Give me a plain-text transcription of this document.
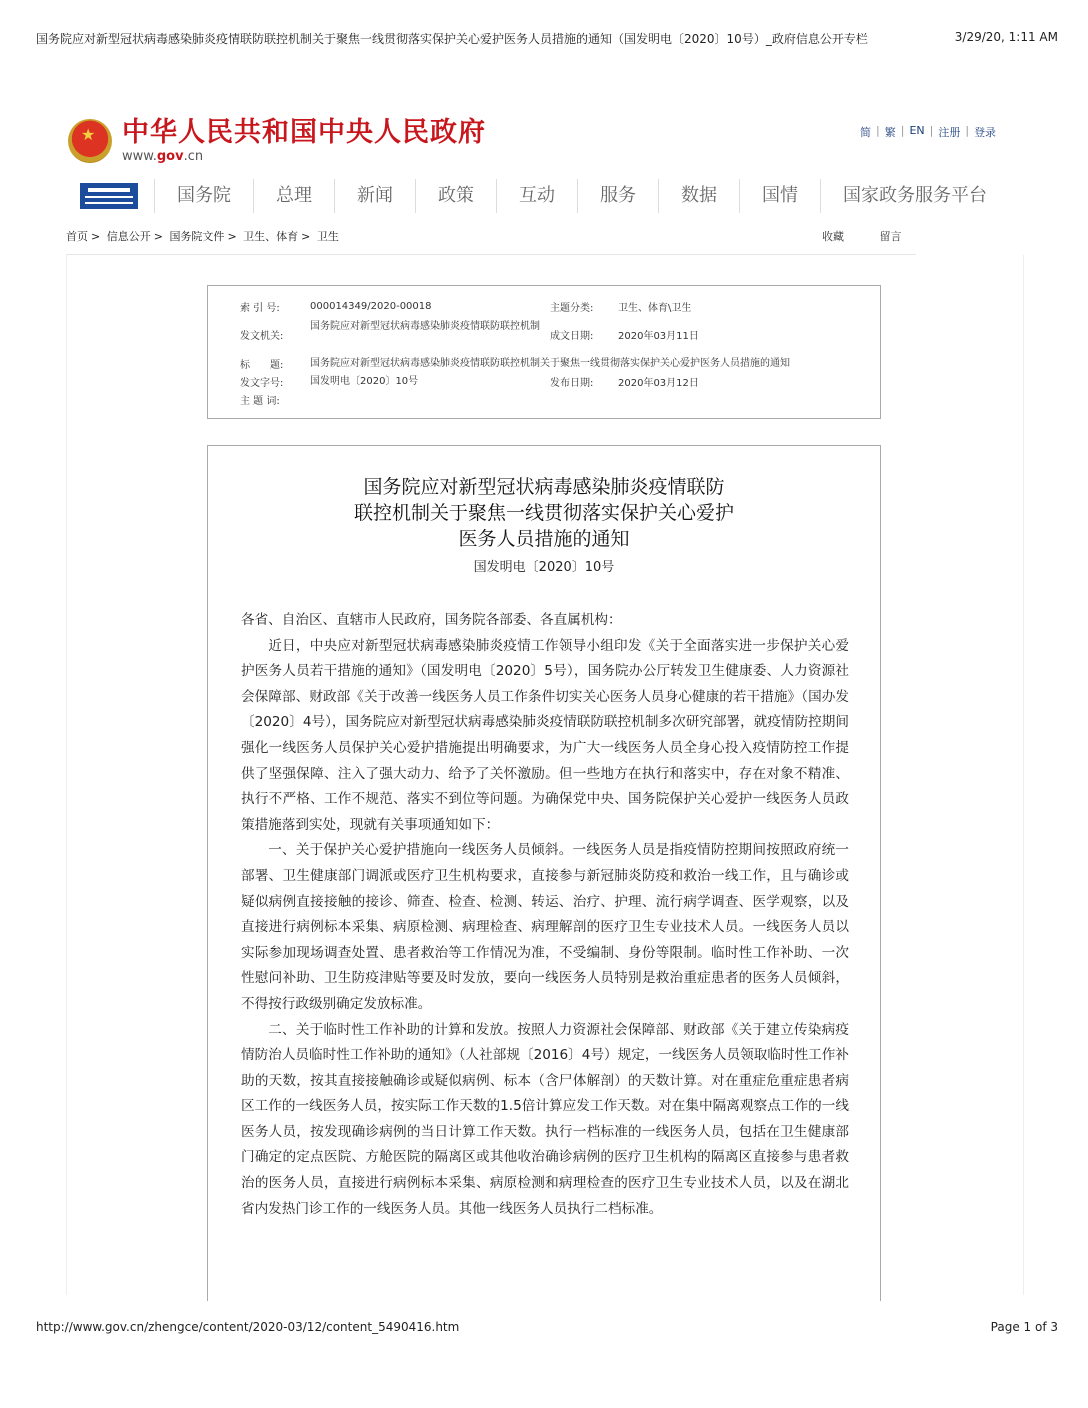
国务院应对新型冠状病毒感染肺炎疫情联防联控机制关于聚焦一线贯彻落实保护关心爱护医务人员措施的通知（国发明电〔2020〕10号）_政府信息公开专栏	3/29/20, 1:11 AM
★
中华人民共和国中央人民政府
www.gov.cn
简 | 繁 | EN | 注册 | 登录
国务院	总理	新闻	政策	互动	服务	数据	国情	国家政务服务平台
首页 > 信息公开 > 国务院文件 > 卫生、体育 > 卫生	收藏	留言
索 引 号:	000014349/2020-00018	主题分类: 卫生、体育\卫生
发文机关:
国务院应对新型冠状病毒感染肺炎疫情联防联控机制
成文日期: 2020年03月11日
标　　题:	国务院应对新型冠状病毒感染肺炎疫情联防联控机制关于聚焦一线贯彻落实保护关心爱护医务人员措施的通知
发文字号:	国发明电〔2020〕10号	发布日期: 2020年03月12日
主 题 词:
国务院应对新型冠状病毒感染肺炎疫情联防
联控机制关于聚焦一线贯彻落实保护关心爱护
医务人员措施的通知
国发明电〔2020〕10号

各省、自治区、直辖市人民政府，国务院各部委、各直属机构：

近日，中央应对新型冠状病毒感染肺炎疫情工作领导小组印发《关于全面落实进一步保护关心爱护医务人员若干措施的通知》（国发明电〔2020〕5号），国务院办公厅转发卫生健康委、人力资源社会保障部、财政部《关于改善一线医务人员工作条件切实关心医务人员身心健康的若干措施》（国办发〔2020〕4号），国务院应对新型冠状病毒感染肺炎疫情联防联控机制多次研究部署，就疫情防控期间强化一线医务人员保护关心爱护措施提出明确要求，为广大一线医务人员全身心投入疫情防控工作提供了坚强保障、注入了强大动力、给予了关怀激励。但一些地方在执行和落实中，存在对象不精准、执行不严格、工作不规范、落实不到位等问题。为确保党中央、国务院保护关心爱护一线医务人员政策措施落到实处，现就有关事项通知如下：

一、关于保护关心爱护措施向一线医务人员倾斜。一线医务人员是指疫情防控期间按照政府统一部署、卫生健康部门调派或医疗卫生机构要求，直接参与新冠肺炎防疫和救治一线工作，且与确诊或疑似病例直接接触的接诊、筛查、检查、检测、转运、治疗、护理、流行病学调查、医学观察，以及直接进行病例标本采集、病原检测、病理检查、病理解剖的医疗卫生专业技术人员。一线医务人员以实际参加现场调查处置、患者救治等工作情况为准，不受编制、身份等限制。临时性工作补助、一次性慰问补助、卫生防疫津贴等要及时发放，要向一线医务人员特别是救治重症患者的医务人员倾斜，不得按行政级别确定发放标准。

二、关于临时性工作补助的计算和发放。按照人力资源社会保障部、财政部《关于建立传染病疫情防治人员临时性工作补助的通知》（人社部规〔2016〕4号）规定，一线医务人员领取临时性工作补助的天数，按其直接接触确诊或疑似病例、标本（含尸体解剖）的天数计算。对在重症危重症患者病区工作的一线医务人员，按实际工作天数的1.5倍计算应发工作天数。对在集中隔离观察点工作的一线医务人员，按发现确诊病例的当日计算工作天数。执行一档标准的一线医务人员，包括在卫生健康部门确定的定点医院、方舱医院的隔离区或其他收治确诊病例的医疗卫生机构的隔离区直接参与患者救治的医务人员，直接进行病例标本采集、病原检测和病理检查的医疗卫生专业技术人员，以及在湖北省内发热门诊工作的一线医务人员。其他一线医务人员执行二档标准。

http://www.gov.cn/zhengce/content/2020-03/12/content_5490416.htm	Page 1 of 3
